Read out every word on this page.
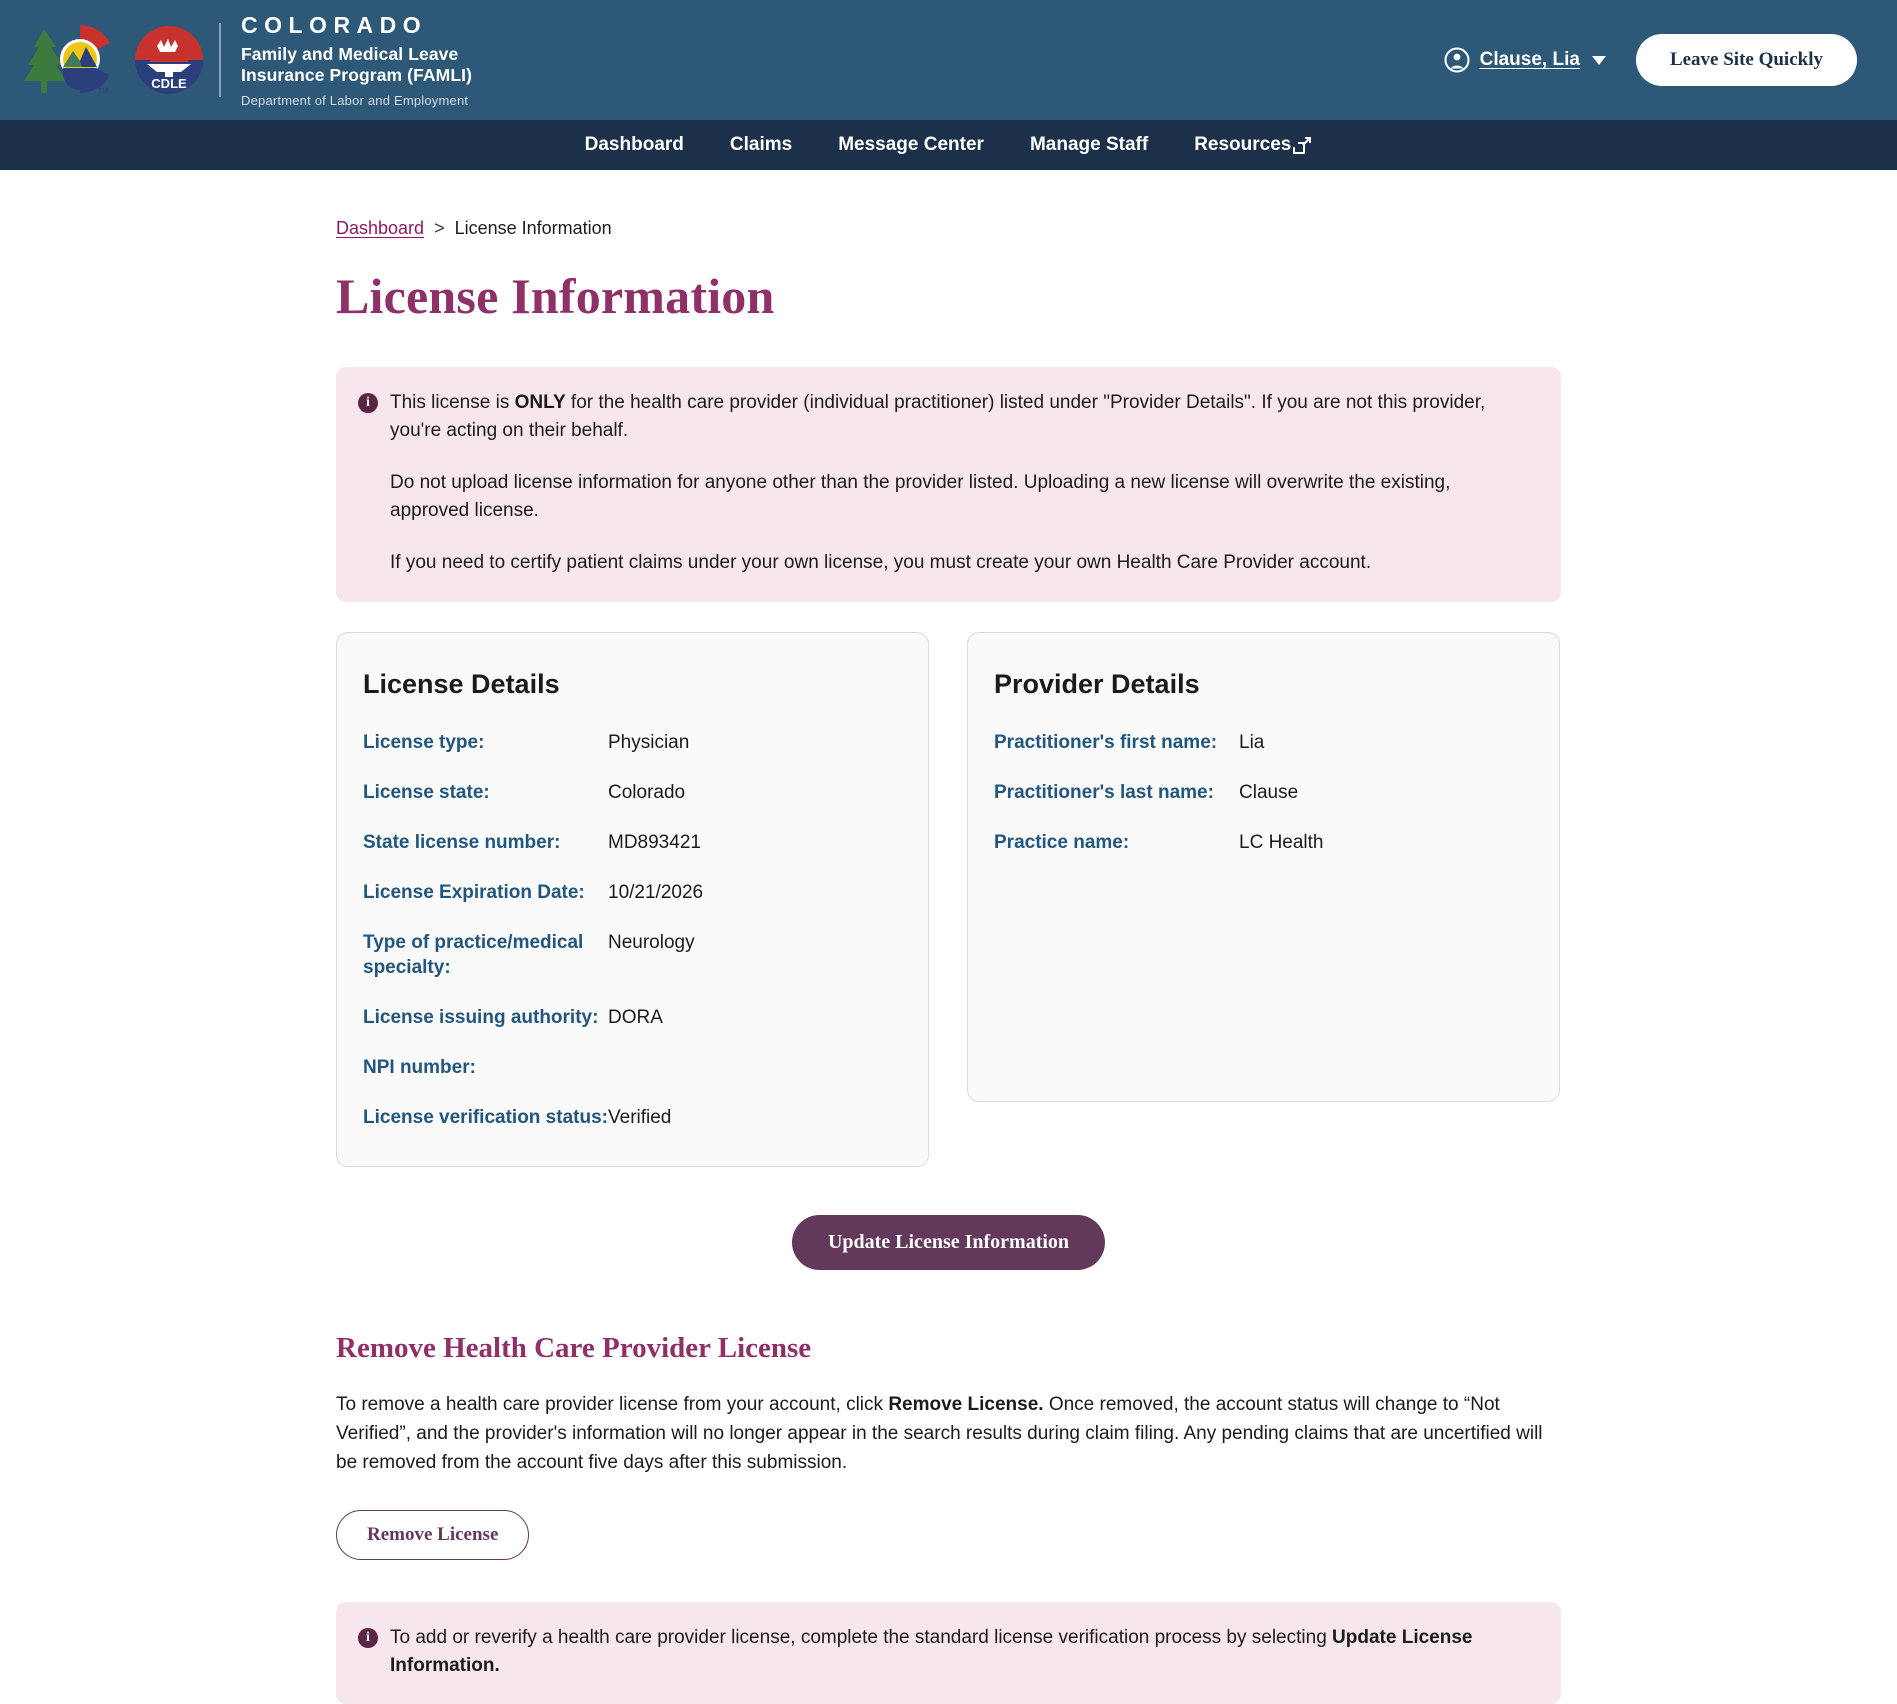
TM
CDLE
COLORADO
Family and Medical Leave
Insurance Program (FAMLI)
Department of Labor and Employment
Clause, Lia	Leave Site Quickly
Dashboard Claims Message Center Manage Staff Resources
Dashboard > License Information
License Information
i	This license is ONLY for the health care provider (individual practitioner) listed under "Provider Details". If you are not this provider, you're acting on their behalf.

Do not upload license information for anyone other than the provider listed. Uploading a new license will overwrite the existing, approved license.

If you need to certify patient claims under your own license, you must create your own Health Care Provider account.

License Details
License type:	Physician
License state:	Colorado
State license number:	MD893421
License Expiration Date:	10/21/2026
Type of practice/medical specialty:
Neurology
License issuing authority: DORA
NPI number:
License verification status: Verified
Provider Details
Practitioner's first name:	Lia
Practitioner's last name:	Clause
Practice name:	LC Health
Update License Information
Remove Health Care Provider License

To remove a health care provider license from your account, click Remove License. Once removed, the account status will change to “Not Verified”, and the provider's information will no longer appear in the search results during claim filing. Any pending claims that are uncertified will be removed from the account five days after this submission.

Remove License
i	To add or reverify a health care provider license, complete the standard license verification process by selecting Update License Information.
